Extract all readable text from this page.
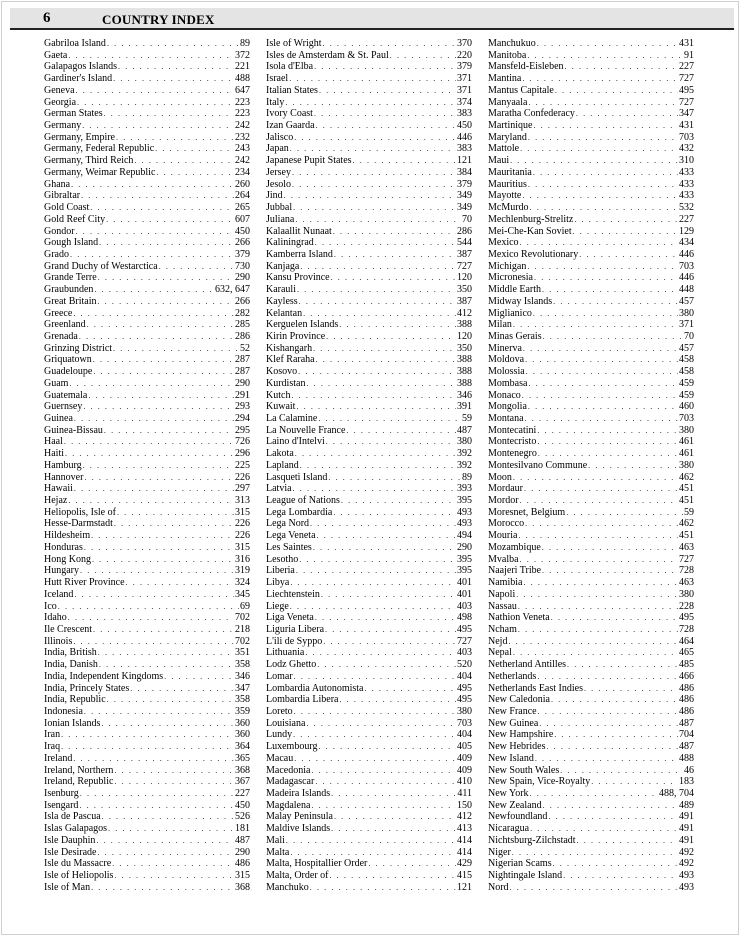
6	COUNTRY INDEX
Gabriloa Island . . .	89
Gaeta . . .	372
Galapagos Islands . . .	221
Gardiner's Island . . .	488
Geneva . . .	647
Georgia . . .	223
German States . . .	223
Germany . . .	242
Germany, Empire . . .	232
Germany, Federal Republic . . .	243
Germany, Third Reich . . .	242
Germany, Weimar Republic . . .	234
Ghana . . .	260
Gibraltar . . .	264
Gold Coast . . .	265
Gold Reef City . . .	607
Gondor . . .	450
Gough Island . . .	266
Grado . . .	379
Grand Duchy of Westarctica . . .	730
Grande Terre . . .	290
Graubunden . . .	632, 647
Great Britain . . .	266
Greece . . .	282
Greenland . . .	285
Grenada . . .	286
Grinzing District . . .	52
Griquatown . . .	287
Guadeloupe . . .	287
Guam . . .	290
Guatemala . . .	291
Guernsey . . .	293
Guinea . . .	294
Guinea-Bissau . . .	295
Haal . . .	726
Haiti . . .	296
Hamburg . . .	225
Hannover . . .	226
Hawaii . . .	297
Hejaz . . .	313
Heliopolis, Isle of . . .	315
Hesse-Darmstadt . . .	226
Hildesheim . . .	226
Honduras . . .	315
Hong Kong . . .	316
Hungary . . .	319
Hutt River Province . . .	324
Iceland . . .	345
Ico . . .	69
Idaho . . .	702
Ile Crescent . . .	218
Illinois . . .	702
India, British . . .	351
India, Danish . . .	358
India, Independent Kingdoms . . .	346
India, Princely States . . .	347
India, Republic . . .	358
Indonesia . . .	359
Ionian Islands . . .	360
Iran . . .	360
Iraq . . .	364
Ireland . . .	365
Ireland, Northern . . .	368
Ireland, Republic . . .	367
Isenburg . . .	227
Isengard . . .	450
Isla de Pascua . . .	526
Islas Galapagos . . .	181
Isle Dauphin . . .	487
Isle Desirade . . .	290
Isle du Massacre . . .	486
Isle of Heliopolis . . .	315
Isle of Man . . .	368
Isle of Wright . . .	370
Isles de Amsterdam & St. Paul . . .	220
Isola d'Elba . . .	379
Israel . . .	371
Italian States . . .	371
Italy . . .	374
Ivory Coast . . .	383
Izan Gaarda . . .	450
Jalisco . . .	446
Japan . . .	383
Japanese Pupit States . . .	121
Jersey . . .	384
Jesolo . . .	379
Jind . . .	349
Jubbal . . .	349
Juliana . . .	70
Kalaallit Nunaat . . .	286
Kaliningrad . . .	544
Kamberra Island . . .	387
Kanjaga . . .	727
Kansu Province . . .	120
Karauli . . .	350
Kayless . . .	387
Kelantan . . .	412
Kerguelen Islands . . .	388
Kirin Province . . .	120
Kishangarh . . .	350
Klef Raraha . . .	388
Kosovo . . .	388
Kurdistan . . .	388
Kutch . . .	346
Kuwait . . .	391
La Calamine . . .	59
La Nouvelle France . . .	487
Laino d'Intelvi . . .	380
Lakota . . .	392
Lapland . . .	392
Lasqueti Island . . .	89
Latvia . . .	393
League of Nations . . .	395
Lega Lombardia . . .	493
Lega Nord . . .	493
Lega Veneta . . .	494
Les Saintes . . .	290
Lesotho . . .	395
Liberia . . .	395
Libya . . .	401
Liechtenstein . . .	401
Liege . . .	403
Liga Veneta . . .	498
Liguria Libera . . .	495
L'ili de Syppo . . .	727
Lithuania . . .	403
Lodz Ghetto . . .	520
Lomar . . .	404
Lombardia Autonomista . . .	495
Lombardia Libera . . .	495
Loreto . . .	380
Louisiana . . .	703
Lundy . . .	404
Luxembourg . . .	405
Macau . . .	409
Macedonia . . .	409
Madagascar . . .	410
Madeira Islands . . .	411
Magdalena . . .	150
Malay Peninsula . . .	412
Maldive Islands . . .	413
Mali . . .	414
Malta . . .	414
Malta, Hospitallier Order . . .	429
Malta, Order of . . .	415
Manchuko . . .	121
Manchukuo . . .	431
Manitoba . . .	91
Mansfeld-Eisleben . . .	227
Mantina . . .	727
Mantus Capitale . . .	495
Manyaala . . .	727
Maratha Confederacy . . .	347
Martinique . . .	431
Maryland . . .	703
Mattole . . .	432
Maui . . .	310
Mauritania . . .	433
Mauritius . . .	433
Mayotte . . .	433
McMurdo . . .	532
Mechlenburg-Strelitz . . .	227
Mei-Che-Kan Soviet . . .	129
Mexico . . .	434
Mexico Revolutionary . . .	446
Michigan . . .	703
Micronesia . . .	446
Middle Earth . . .	448
Midway Islands . . .	457
Miglianico . . .	380
Milan . . .	371
Minas Gerais . . .	70
Minerva . . .	457
Moldova . . .	458
Molossia . . .	458
Mombasa . . .	459
Monaco . . .	459
Mongolia . . .	460
Montana . . .	703
Montecatini . . .	380
Montecristo . . .	461
Montenegro . . .	461
Montesilvano Commune . . .	380
Moon . . .	462
Mordaur . . .	451
Mordor . . .	451
Moresnet, Belgium . . .	59
Morocco . . .	462
Mouria . . .	451
Mozambique . . .	463
Mvalba . . .	727
Naajeri Tribe . . .	728
Namibia . . .	463
Napoli . . .	380
Nassau . . .	228
Nathion Veneta . . .	495
Ncham . . .	728
Nejd . . .	464
Nepal . . .	465
Netherland Antilles . . .	485
Netherlands . . .	466
Netherlands East Indies . . .	486
New Caledonia . . .	486
New France . . .	486
New Guinea . . .	487
New Hampshire . . .	704
New Hebrides . . .	487
New Island . . .	488
New South Wales . . .	46
New Spain, Vice-Royalty . . .	183
New York . . .	488, 704
New Zealand . . .	489
Newfoundland . . .	491
Nicaragua . . .	491
Nichtsburg-Zilchstadt . . .	491
Niger . . .	492
Nigerian Scams . . .	492
Nightingale Island . . .	493
Nord . . .	493
